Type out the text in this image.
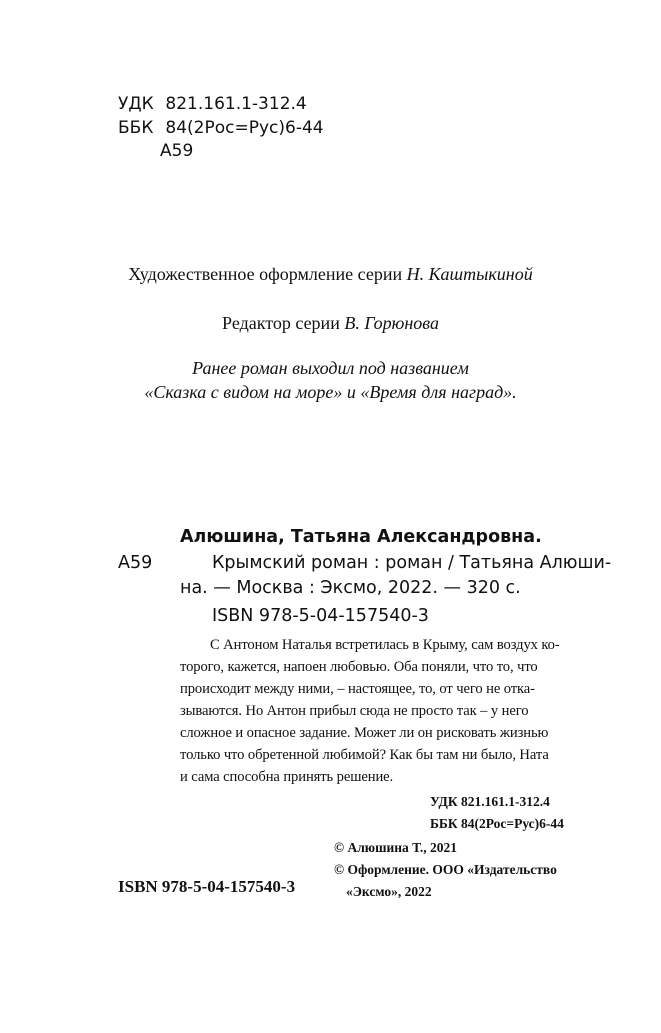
УДК 821.161.1-312.4
ББК 84(2Рос=Рус)6-44
А59
Художественное оформление серии Н. Каштыкиной
Редактор серии В. Горюнова
Ранее роман выходил под названием
«Сказка с видом на море» и «Время для наград».
Алюшина, Татьяна Александровна.
А59	Крымский роман : роман / Татьяна Алюши-
на. — Москва : Эксмо, 2022. — 320 с.
ISBN 978-5-04-157540-3
С Антоном Наталья встретилась в Крыму, сам воздух ко-
торого, кажется, напоен любовью. Оба поняли, что то, что
происходит между ними, – настоящее, то, от чего не отка-
зываются. Но Антон прибыл сюда не просто так – у него
сложное и опасное задание. Может ли он рисковать жизнью
только что обретенной любимой? Как бы там ни было, Ната
и сама способна принять решение.
УДК 821.161.1-312.4
ББК 84(2Рос=Рус)6-44
© Алюшина Т., 2021
© Оформление. ООО «Издательство
ISBN 978-5-04-157540-3	«Эксмо», 2022
